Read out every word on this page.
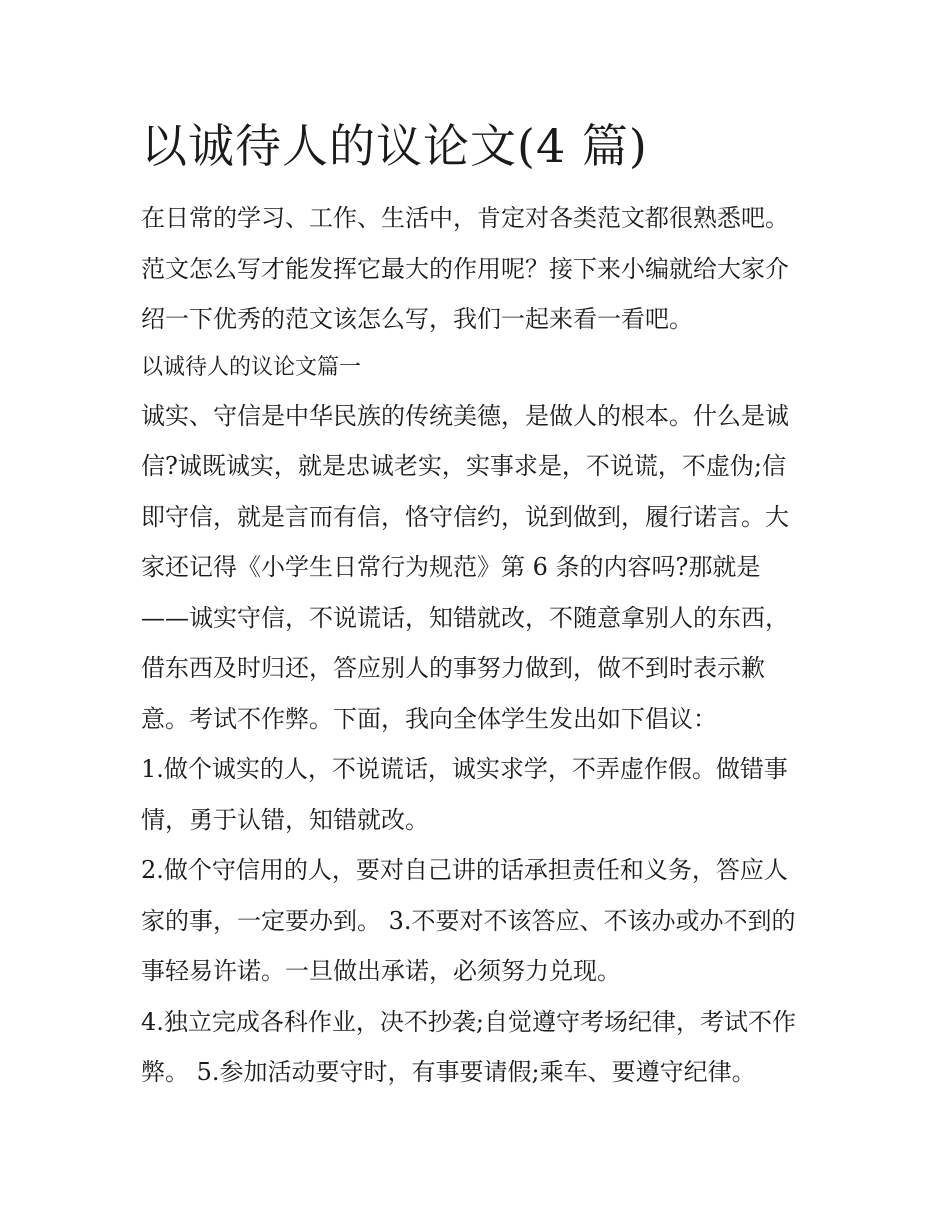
以诚待人的议论文(4 篇)

在日常的学习、工作、生活中，肯定对各类范文都很熟悉吧。

范文怎么写才能发挥它最大的作用呢？接下来小编就给大家介

绍一下优秀的范文该怎么写，我们一起来看一看吧。

以诚待人的议论文篇一

诚实、守信是中华民族的传统美德，是做人的根本。什么是诚

信?诚既诚实，就是忠诚老实，实事求是，不说谎，不虚伪;信

即守信，就是言而有信，恪守信约，说到做到，履行诺言。大

家还记得《小学生日常行为规范》第 6 条的内容吗?那就是

——诚实守信，不说谎话，知错就改，不随意拿别人的东西，

借东西及时归还，答应别人的事努力做到，做不到时表示歉

意。考试不作弊。下面，我向全体学生发出如下倡议：

1.做个诚实的人，不说谎话，诚实求学，不弄虚作假。做错事

情，勇于认错，知错就改。

2.做个守信用的人，要对自己讲的话承担责任和义务，答应人

家的事，一定要办到。 3.不要对不该答应、不该办或办不到的

事轻易许诺。一旦做出承诺，必须努力兑现。

4.独立完成各科作业，决不抄袭;自觉遵守考场纪律，考试不作

弊。 5.参加活动要守时，有事要请假;乘车、要遵守纪律。
